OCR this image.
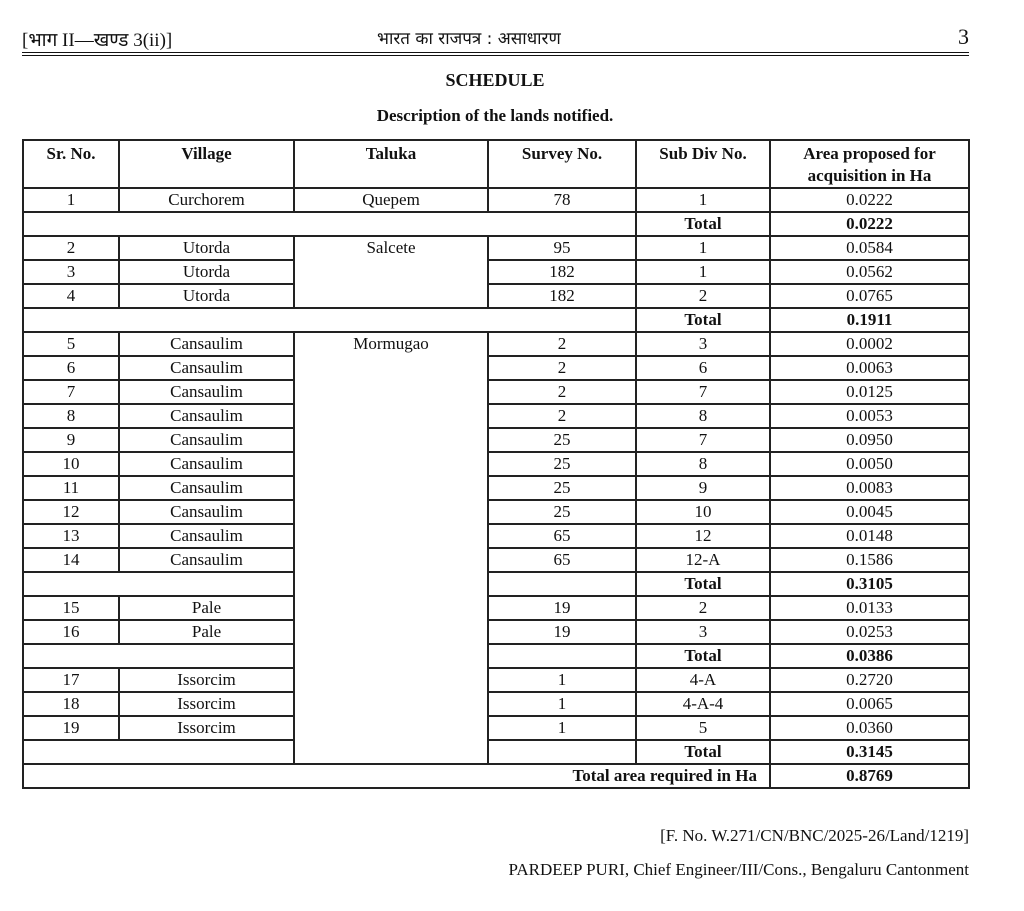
[भाग II—खण्ड 3(ii)]	भारत का राजपत्र : असाधारण	3
SCHEDULE
Description of the lands notified.
Sr. No.	Village	Taluka	Survey No.	Sub Div No.	Area proposed for acquisition in Ha
1	Curchorem	Quepem	78	1	0.0222
				Total	0.0222
2	Utorda	Salcete	95	1	0.0584
3	Utorda		182	1	0.0562
4	Utorda		182	2	0.0765
				Total	0.1911
5	Cansaulim	Mormugao	2	3	0.0002
6	Cansaulim		2	6	0.0063
7	Cansaulim		2	7	0.0125
8	Cansaulim		2	8	0.0053
9	Cansaulim		25	7	0.0950
10	Cansaulim		25	8	0.0050
11	Cansaulim		25	9	0.0083
12	Cansaulim		25	10	0.0045
13	Cansaulim		65	12	0.0148
14	Cansaulim		65	12-A	0.1586
				Total	0.3105
15	Pale		19	2	0.0133
16	Pale		19	3	0.0253
				Total	0.0386
17	Issorcim		1	4-A	0.2720
18	Issorcim		1	4-A-4	0.0065
19	Issorcim		1	5	0.0360
				Total	0.3145
Total area required in Ha					0.8769
[F. No. W.271/CN/BNC/2025-26/Land/1219]
PARDEEP PURI, Chief Engineer/III/Cons., Bengaluru Cantonment
